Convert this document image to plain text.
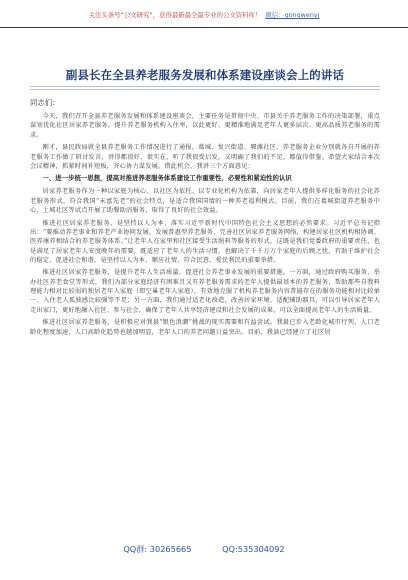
关注头条号“公文研究”，获得最新最全最专业的公文资料库！ 微信：gongwenyj
副县长在全县养老服务发展和体系建设座谈会上的讲话
同志们：

今天，我们召开全县养老服务发展和体系建设座谈会，主要任务是贯彻中央、市县关于养老服务工作的决策部署，重点谋划优化社区居家养老服务，提升养老服务机构入住率，以此更好、更精准地满足老年人更多层次、更高品质养老服务的需求。

刚才，县民政局就全县养老服务工作情况进行了通报，葛城、复兴街道、堰滩社区、养老服务企业分别就各自开展的养老服务工作做了研讨发言，讲得都很好、很实在，听了我很受启发，又明确了我们的不足，都值得借鉴。希望大家结合本次会议精神，抓紧时间补短板，齐心协力谋发展。借此机会，我讲三个方面意见：

一、进一步统一思想，提高对推进养老服务体系建设工作重要性、必要性和紧迫性的认识

居家养老服务作为一种以家庭为核心、以社区为依托、以专业化机构为依靠，向居家老年人提供多样化服务的社会化养老服务形式，符合我国“未富先老”的社会特点，是适合我国国情的一种养老福利模式。目前，我们在葛城街道养老服务中心、土城社区等试点开展了助餐助浴服务，取得了良好的社会效益。

推进社区居家养老服务，是坚持以人为本、落实习近平新时代中国特色社会主义思想的必然要求。习近平总书记指出：“要推动养老事业和养老产业协同发展，发展普惠型养老服务，完善社区居家养老服务网络，构建居家社区机构相协调、医养康养相结合的养老服务体系。”让老年人在家里和社区接受生活照料等服务的形式，这既是我们党委政府的重要责任，也是满足了居家老年人安度晚年的需要，既适应了老年人的生活习惯，也解决了千千万万个家庭的后顾之忧，有助于维护社会的稳定、促进社会和谐，是坚持以人为本、顺应社情、符合民意、爱民利民的重要举措。

推进社区居家养老服务，是提升老年人生活质量，促进社会养老事业发展的重要措施。一方面，通过政府购买服务，举办社区养老食堂等形式，我们为部分家庭经济有困难且又有养老服务需求的老年人提供最基本的养老服务，帮助那些自我料理能力相对比较弱的独居老年人家庭（即空巢老年人家庭），有效地克服了机构养老服务内容普遍存在的服务功能相对比较单一、入住老人孤独感比较强等不足；另一方面，我们通过适老化改造，改善居家环境，适配辅助器具，可以引导居家老年人走出家门，更好地融入社区、参与社会，确保了老年人共享经济建设和社会发展的成果，可以全面提高老年人的生活质量。

推进社区居家养老服务，是积极应对我县“银色浪潮”挑战的现实需要和有益尝试。我县已步入老龄化城市行列，人口老龄化程度加速，人口高龄化趋势也越加明显，老年人口的养老问题日益突出。目前，我县已经建立了社区居

QQ群: 30265665	QQ:535304092
